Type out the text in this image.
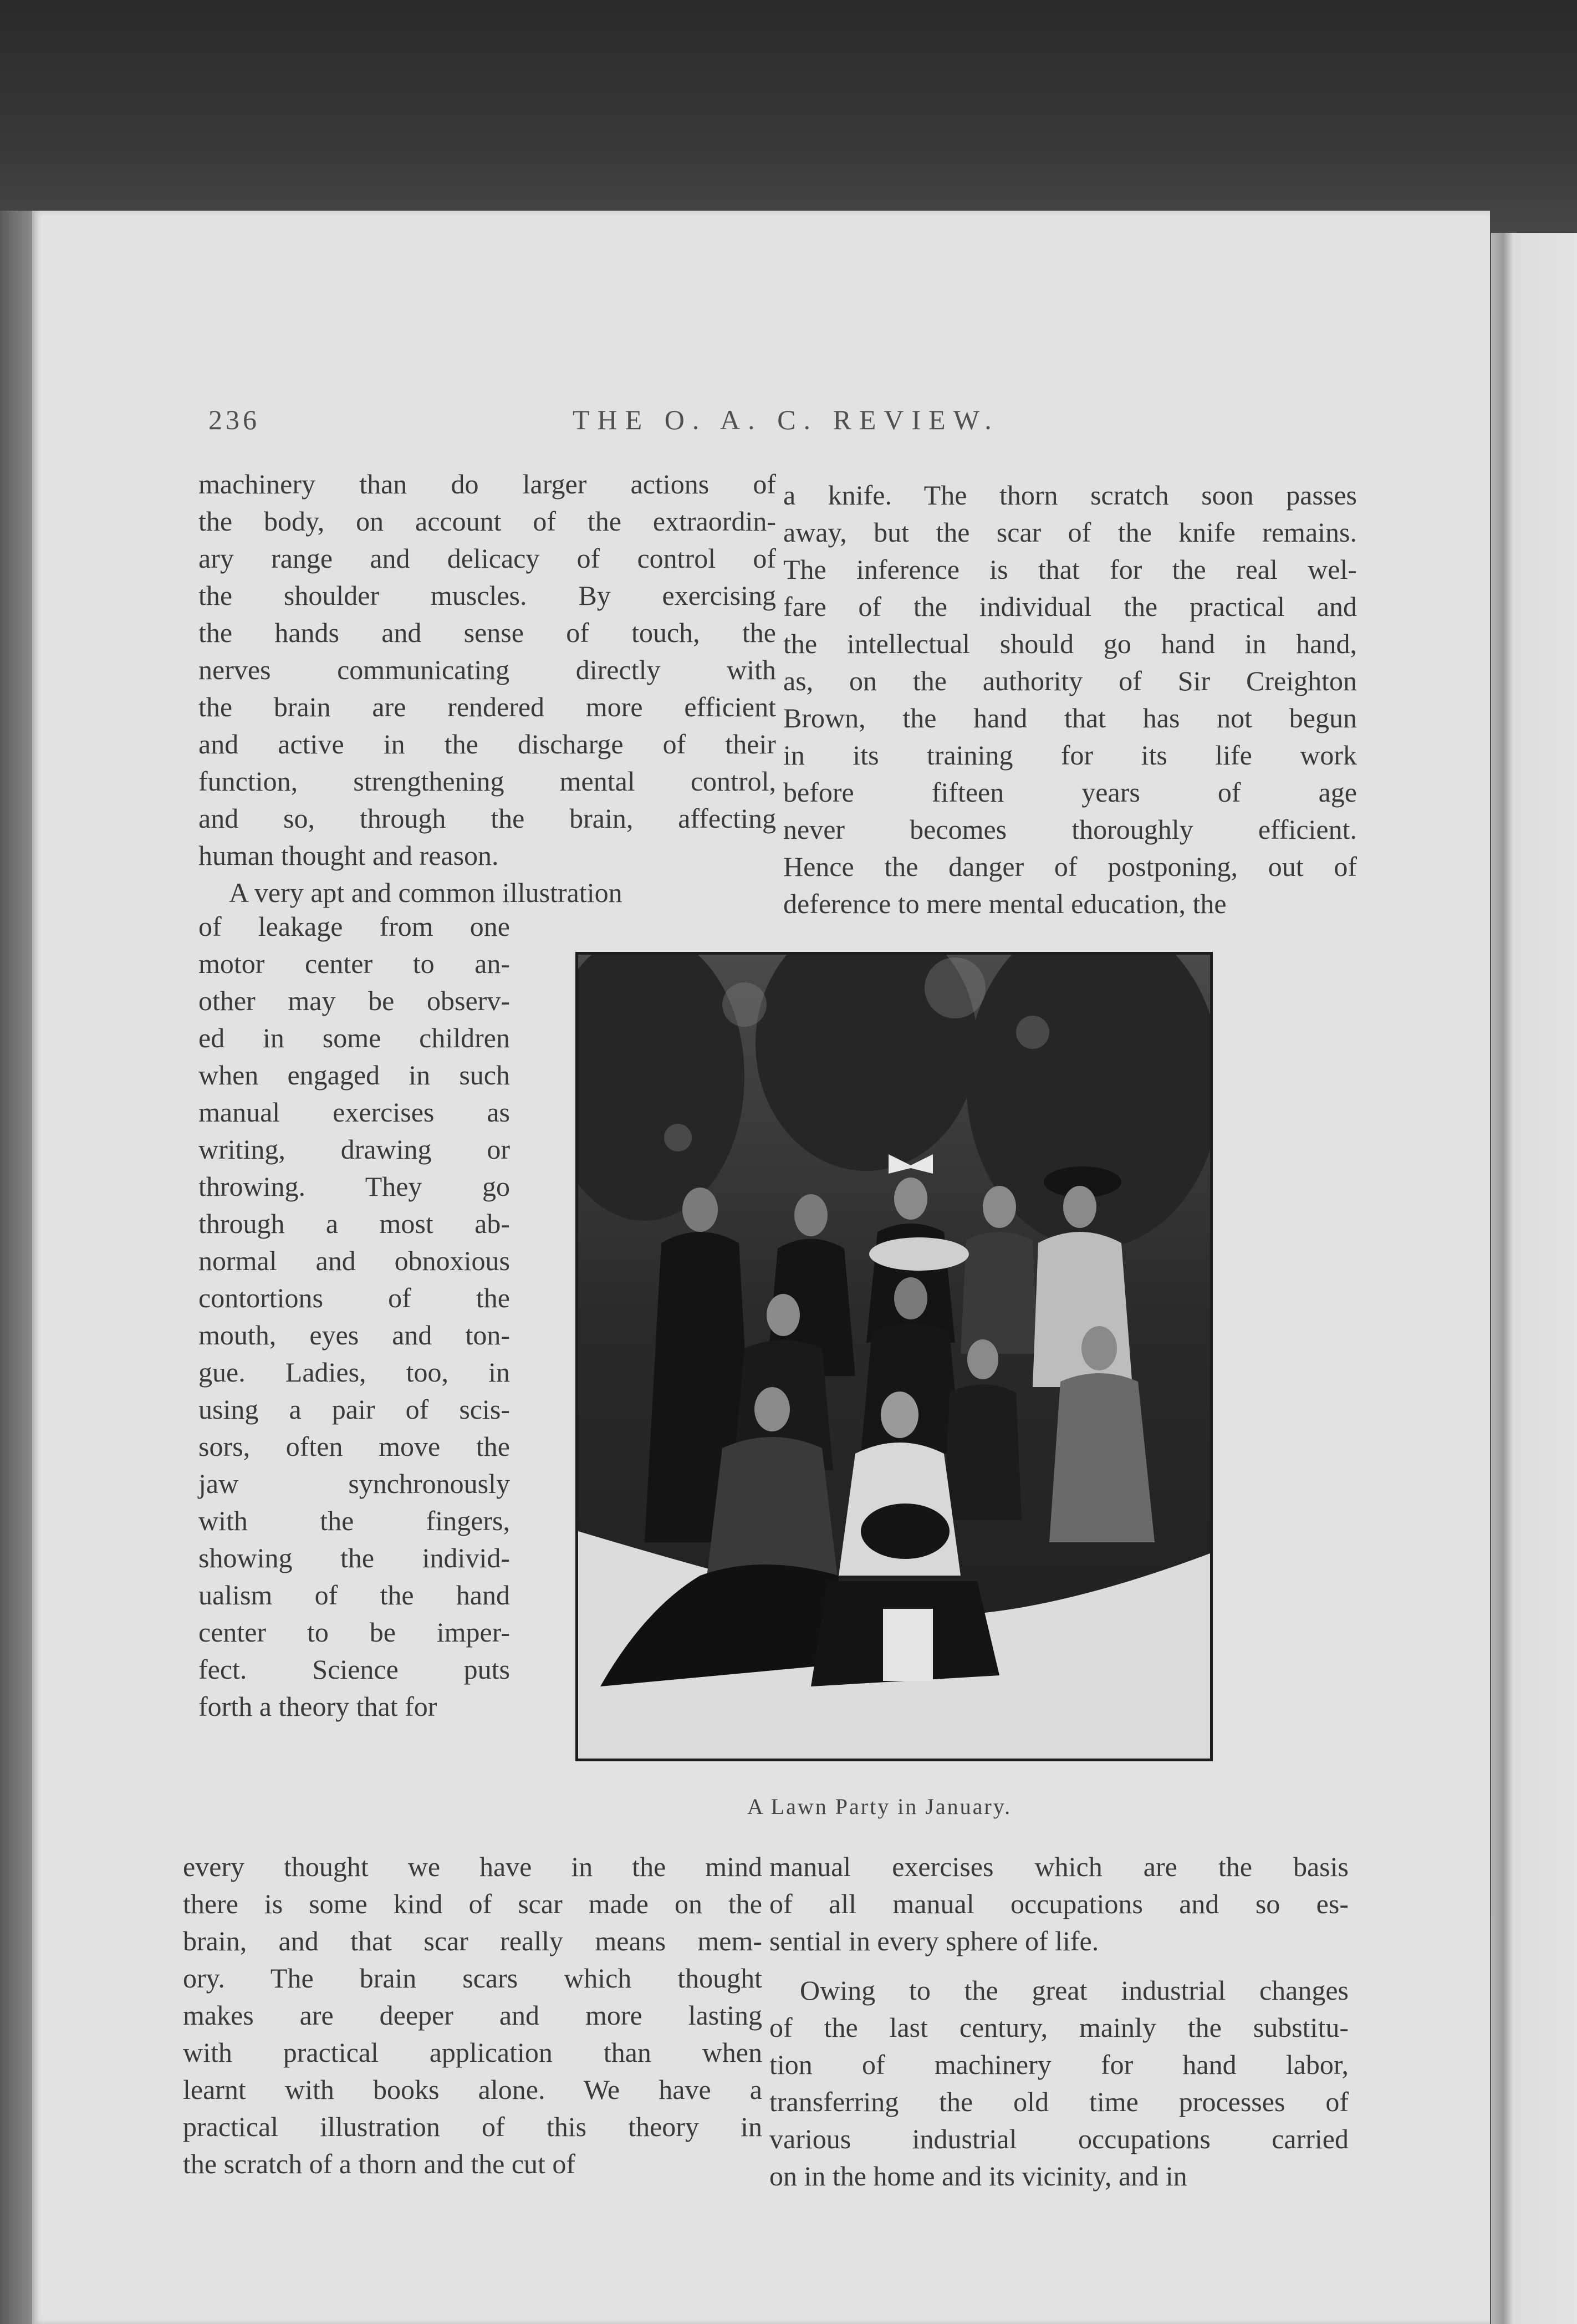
236	THE O. A. C. REVIEW.
machinery than do larger actions of
the body, on account of the extraordin-
ary range and delicacy of control of
the shoulder muscles. By exercising
the hands and sense of touch, the
nerves communicating directly with
the brain are rendered more efficient
and active in the discharge of their
function, strengthening mental control,
and so, through the brain, affecting
human thought and reason.
A very apt and common illustration
of leakage from one
motor center to an-
other may be observ-
ed in some children
when engaged in such
manual exercises as
writing, drawing or
throwing. They go
through a most ab-
normal and obnoxious
contortions of the
mouth, eyes and ton-
gue. Ladies, too, in
using a pair of scis-
sors, often move the
jaw synchronously
with the fingers,
showing the individ-
ualism of the hand
center to be imper-
fect. Science puts
forth a theory that for
every thought we have in the mind
there is some kind of scar made on the
brain, and that scar really means mem-
ory. The brain scars which thought
makes are deeper and more lasting
with practical application than when
learnt with books alone. We have a
practical illustration of this theory in
the scratch of a thorn and the cut of
a knife. The thorn scratch soon passes
away, but the scar of the knife remains.
The inference is that for the real wel-
fare of the individual the practical and
the intellectual should go hand in hand,
as, on the authority of Sir Creighton
Brown, the hand that has not begun
in its training for its life work
before fifteen years of age
never becomes thoroughly efficient.
Hence the danger of postponing, out of
deference to mere mental education, the
manual exercises which are the basis
of all manual occupations and so es-
sential in every sphere of life.
Owing to the great industrial changes
of the last century, mainly the substitu-
tion of machinery for hand labor,
transferring the old time processes of
various industrial occupations carried
on in the home and its vicinity, and in
A Lawn Party in January.
